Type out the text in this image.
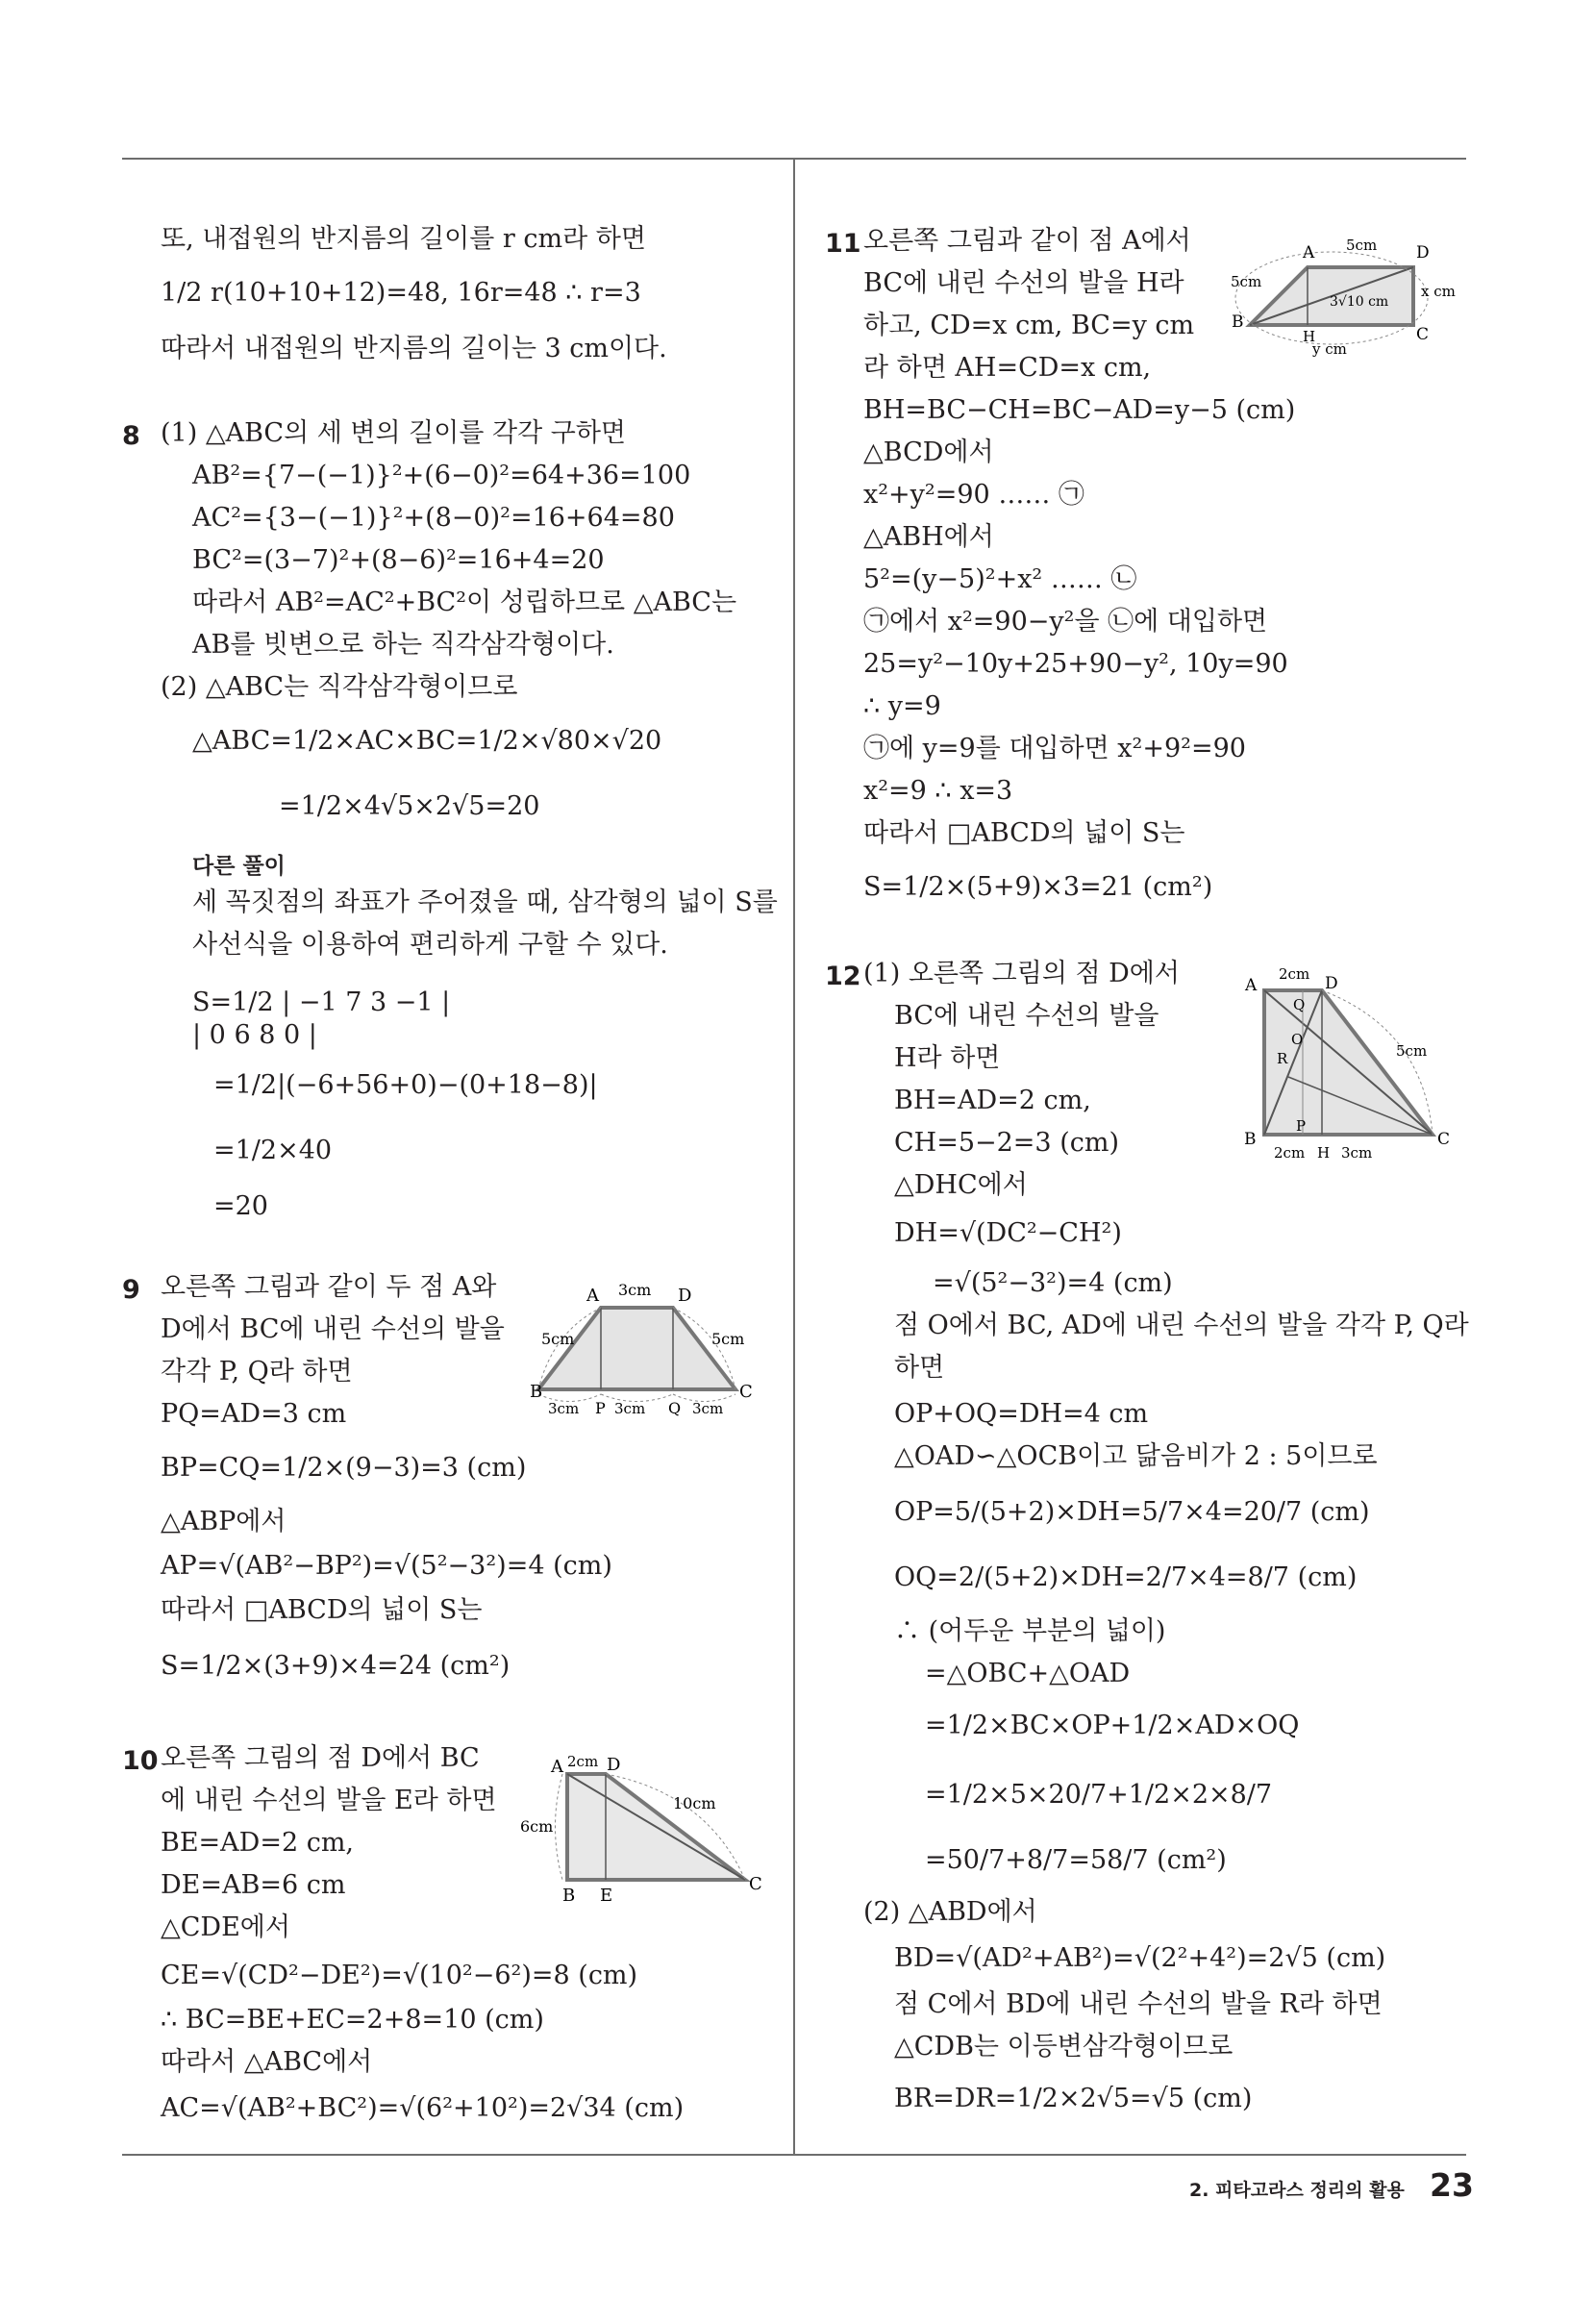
또, 내접원의 반지름의 길이를 r cm라 하면
1/2 r(10+10+12)=48, 16r=48 ∴ r=3
따라서 내접원의 반지름의 길이는 3 cm이다.
8 (1) △ABC의 세 변의 길이를 각각 구하면
AB²={7−(−1)}²+(6−0)²=64+36=100
AC²={3−(−1)}²+(8−0)²=16+64=80
BC²=(3−7)²+(8−6)²=16+4=20
따라서 AB²=AC²+BC²이 성립하므로 △ABC는
AB를 빗변으로 하는 직각삼각형이다.
(2) △ABC는 직각삼각형이므로
△ABC=1/2×AC×BC=1/2×√80×√20
=1/2×4√5×2√5=20
다른 풀이
세 꼭짓점의 좌표가 주어졌을 때, 삼각형의 넓이 S를
사선식을 이용하여 편리하게 구할 수 있다.
S=1/2 | −1 7 3 −1 |
| 0 6 8 0 |
=1/2|(−6+56+0)−(0+18−8)|
=1/2×40
=20
9 오른쪽 그림과 같이 두 점 A와
D에서 BC에 내린 수선의 발을
각각 P, Q라 하면
PQ=AD=3 cm
BP=CQ=1/2×(9−3)=3 (cm)
△ABP에서
AP=√(AB²−BP²)=√(5²−3²)=4 (cm)
따라서 □ABCD의 넓이 S는
S=1/2×(3+9)×4=24 (cm²)
A	D
B	C
P	Q
3cm
5cm	5cm
3cm 3cm	3cm
10 오른쪽 그림의 점 D에서 BC
에 내린 수선의 발을 E라 하면
BE=AD=2 cm,
DE=AB=6 cm
△CDE에서
CE=√(CD²−DE²)=√(10²−6²)=8 (cm)
∴ BC=BE+EC=2+8=10 (cm)
따라서 △ABC에서
AC=√(AB²+BC²)=√(6²+10²)=2√34 (cm)
A	D
2cm
6cm
10cm
B E
C
11 오른쪽 그림과 같이 점 A에서
BC에 내린 수선의 발을 H라
하고, CD=x cm, BC=y cm
라 하면 AH=CD=x cm,
BH=BC−CH=BC−AD=y−5 (cm)
△BCD에서
x²+y²=90 …… ㉠
△ABH에서
5²=(y−5)²+x² …… ㉡
㉠에서 x²=90−y²을 ㉡에 대입하면
25=y²−10y+25+90−y², 10y=90
∴ y=9
㉠에 y=9를 대입하면 x²+9²=90
x²=9 ∴ x=3
따라서 □ABCD의 넓이 S는
S=1/2×(5+9)×3=21 (cm²)
A 5cm D
5cm
3√10 cm
x cm
B
H	C
y cm
12 (1) 오른쪽 그림의 점 D에서
BC에 내린 수선의 발을
H라 하면
BH=AD=2 cm,
CH=5−2=3 (cm)
△DHC에서
DH=√(DC²−CH²)
=√(5²−3²)=4 (cm)
점 O에서 BC, AD에 내린 수선의 발을 각각 P, Q라
하면
OP+OQ=DH=4 cm
△OAD∽△OCB이고 닮음비가 2 : 5이므로
OP=5/(5+2)×DH=5/7×4=20/7 (cm)
OQ=2/(5+2)×DH=2/7×4=8/7 (cm)
∴ (어두운 부분의 넓이)
=△OBC+△OAD
=1/2×BC×OP+1/2×AD×OQ
=1/2×5×20/7+1/2×2×8/7
=50/7+8/7=58/7 (cm²)
(2) △ABD에서
BD=√(AD²+AB²)=√(2²+4²)=2√5 (cm)
점 C에서 BD에 내린 수선의 발을 R라 하면
△CDB는 이등변삼각형이므로
BR=DR=1/2×2√5=√5 (cm)
A
2cm D
Q
O
R	5cm
P
B
2cm H 3cm
C
2. 피타고라스 정리의 활용 23
